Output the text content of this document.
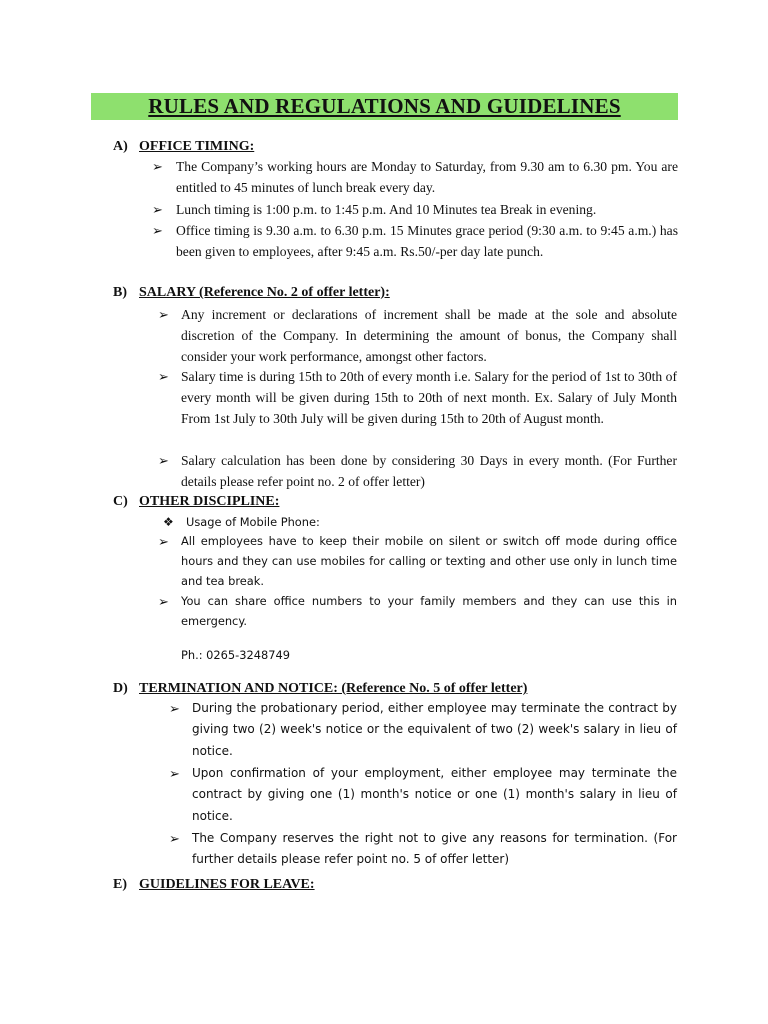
RULES AND REGULATIONS AND GUIDELINES
A) OFFICE TIMING:
➢ The Company’s working hours are Monday to Saturday, from 9.30 am to 6.30 pm. You are entitled to 45 minutes of lunch break every day.
➢ Lunch timing is 1:00 p.m. to 1:45 p.m. And 10 Minutes tea Break in evening.
➢ Office timing is 9.30 a.m. to 6.30 p.m. 15 Minutes grace period (9:30 a.m. to 9:45 a.m.) has been given to employees, after 9:45 a.m. Rs.50/-per day late punch.
B) SALARY (Reference No. 2 of offer letter):
➢ Any increment or declarations of increment shall be made at the sole and absolute discretion of the Company. In determining the amount of bonus, the Company shall consider your work performance, amongst other factors.
➢ Salary time is during 15th to 20th of every month i.e. Salary for the period of 1st to 30th of every month will be given during 15th to 20th of next month. Ex. Salary of July Month From 1st July to 30th July will be given during 15th to 20th of August month.
➢ Salary calculation has been done by considering 30 Days in every month. (For Further details please refer point no. 2 of offer letter)
C) OTHER DISCIPLINE:
❖ Usage of Mobile Phone:
➢ All employees have to keep their mobile on silent or switch off mode during office hours and they can use mobiles for calling or texting and other use only in lunch time and tea break.
➢ You can share office numbers to your family members and they can use this in emergency.
Ph.: 0265-3248749
D) TERMINATION AND NOTICE: (Reference No. 5 of offer letter)
➢ During the probationary period, either employee may terminate the contract by giving two (2) week's notice or the equivalent of two (2) week's salary in lieu of notice.
➢ Upon confirmation of your employment, either employee may terminate the contract by giving one (1) month's notice or one (1) month's salary in lieu of notice.
➢ The Company reserves the right not to give any reasons for termination. (For further details please refer point no. 5 of offer letter)
E) GUIDELINES FOR LEAVE:
